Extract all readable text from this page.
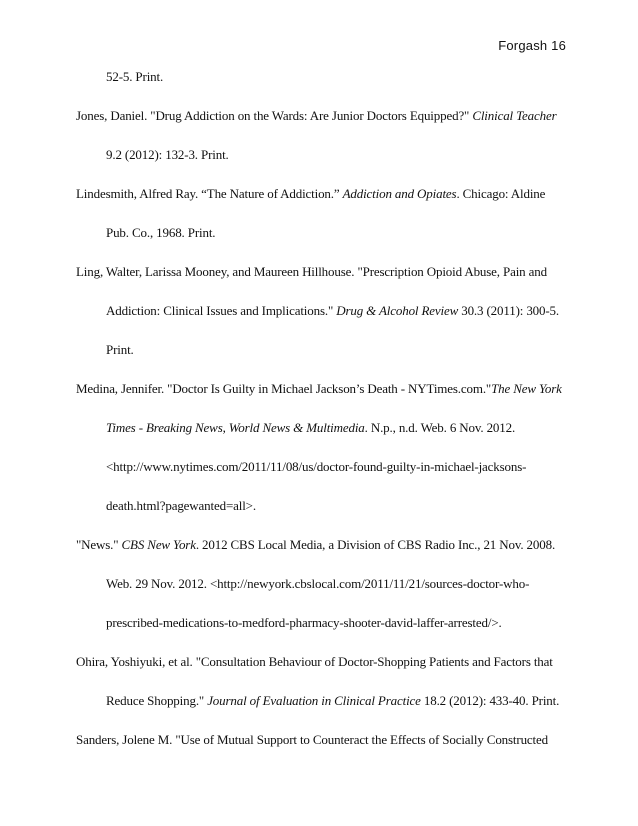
Forgash 16
52-5. Print.
Jones, Daniel. "Drug Addiction on the Wards: Are Junior Doctors Equipped?" Clinical Teacher
9.2 (2012): 132-3. Print.
Lindesmith, Alfred Ray. “The Nature of Addiction.” Addiction and Opiates. Chicago: Aldine
Pub. Co., 1968. Print.
Ling, Walter, Larissa Mooney, and Maureen Hillhouse. "Prescription Opioid Abuse, Pain and
Addiction: Clinical Issues and Implications." Drug & Alcohol Review 30.3 (2011): 300-5.
Print.
Medina, Jennifer. "Doctor Is Guilty in Michael Jackson’s Death - NYTimes.com."The New York
Times - Breaking News, World News & Multimedia. N.p., n.d. Web. 6 Nov. 2012.
<http://www.nytimes.com/2011/11/08/us/doctor-found-guilty-in-michael-jacksons-
death.html?pagewanted=all>.
"News." CBS New York. 2012 CBS Local Media, a Division of CBS Radio Inc., 21 Nov. 2008.
Web. 29 Nov. 2012. <http://newyork.cbslocal.com/2011/11/21/sources-doctor-who-
prescribed-medications-to-medford-pharmacy-shooter-david-laffer-arrested/>.
Ohira, Yoshiyuki, et al. "Consultation Behaviour of Doctor-Shopping Patients and Factors that
Reduce Shopping." Journal of Evaluation in Clinical Practice 18.2 (2012): 433-40. Print.
Sanders, Jolene M. "Use of Mutual Support to Counteract the Effects of Socially Constructed
